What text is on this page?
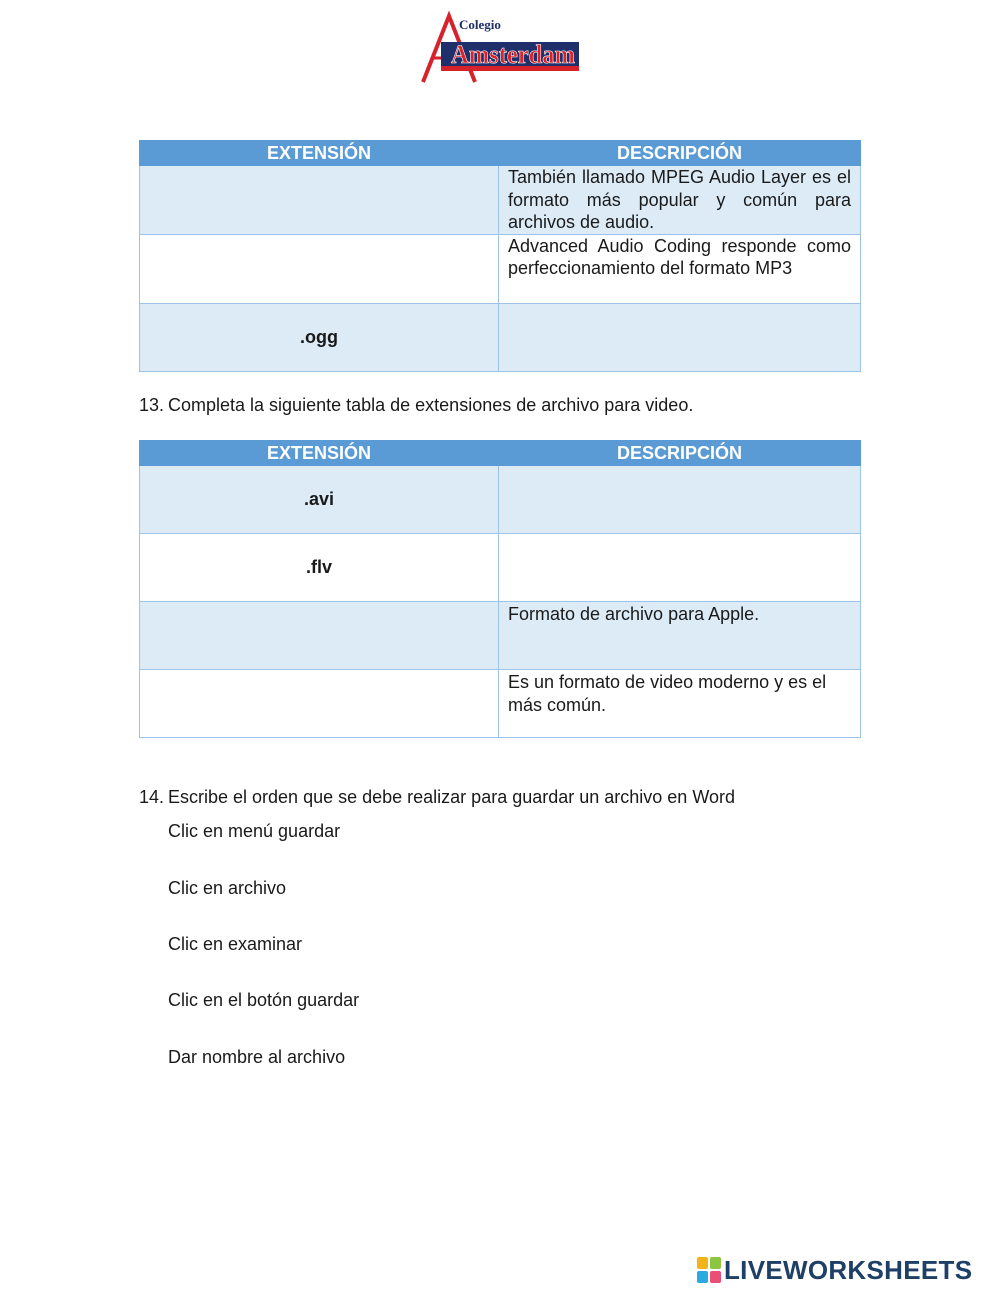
Colegio
Amsterdam
EXTENSIÓN	DESCRIPCIÓN
	También llamado MPEG Audio Layer es el formato más popular y común para archivos de audio.
	Advanced Audio Coding responde como perfeccionamiento del formato MP3
.ogg	
13. Completa la siguiente tabla de extensiones de archivo para video.
EXTENSIÓN	DESCRIPCIÓN
.avi	
.flv	
	Formato de archivo para Apple.
	Es un formato de video moderno y es el más común.
14. Escribe el orden que se debe realizar para guardar un archivo en Word
Clic en menú guardar
Clic en archivo
Clic en examinar
Clic en el botón guardar
Dar nombre al archivo
LIVEWORKSHEETS
